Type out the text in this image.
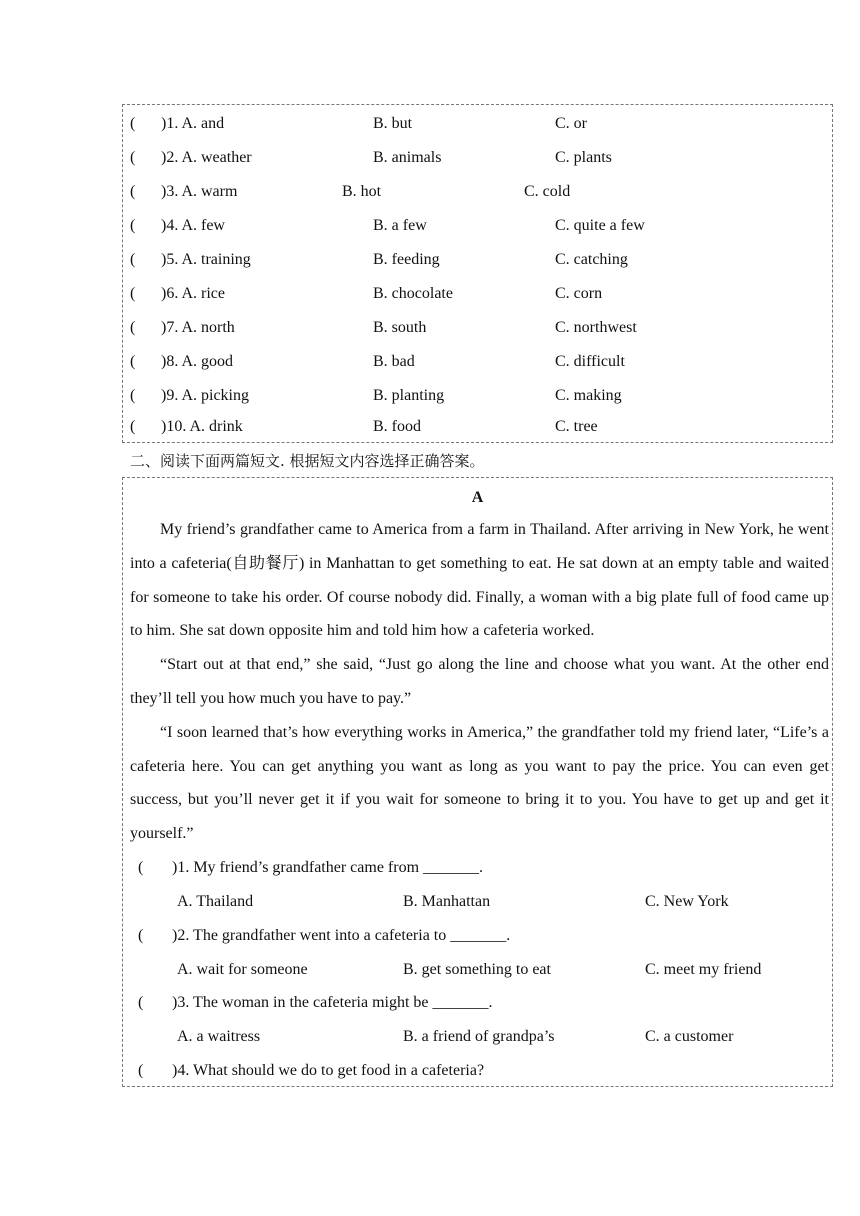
( )1. A. and	B. but	C. or
( )2. A. weather	B. animals	C. plants
( )3. A. warm	B. hot	C. cold
( )4. A. few	B. a few	C. quite a few
( )5. A. training	B. feeding	C. catching
( )6. A. rice	B. chocolate	C. corn
( )7. A. north	B. south	C. northwest
( )8. A. good	B. bad	C. difficult
( )9. A. picking	B. planting	C. making
( )10. A. drink	B. food	C. tree
二、阅读下面两篇短文. 根据短文内容选择正确答案。
A

My friend’s grandfather came to America from a farm in Thailand. After arriving in New York, he went into a cafeteria(自助餐厅) in Manhattan to get something to eat. He sat down at an empty table and waited for someone to take his order. Of course nobody did. Finally, a woman with a big plate full of food came up to him. She sat down opposite him and told him how a cafeteria worked.

“Start out at that end,” she said, “Just go along the line and choose what you want. At the other end they’ll tell you how much you have to pay.”

“I soon learned that’s how everything works in America,” the grandfather told my friend later, “Life’s a cafeteria here. You can get anything you want as long as you want to pay the price. You can even get success, but you’ll never get it if you wait for someone to bring it to you. You have to get up and get it yourself.”

( )1. My friend’s grandfather came from _______.
A. Thailand	B. Manhattan	C. New York
( )2. The grandfather went into a cafeteria to _______.
A. wait for someone	B. get something to eat	C. meet my friend
( )3. The woman in the cafeteria might be _______.
A. a waitress	B. a friend of grandpa’s	C. a customer
( )4. What should we do to get food in a cafeteria?
